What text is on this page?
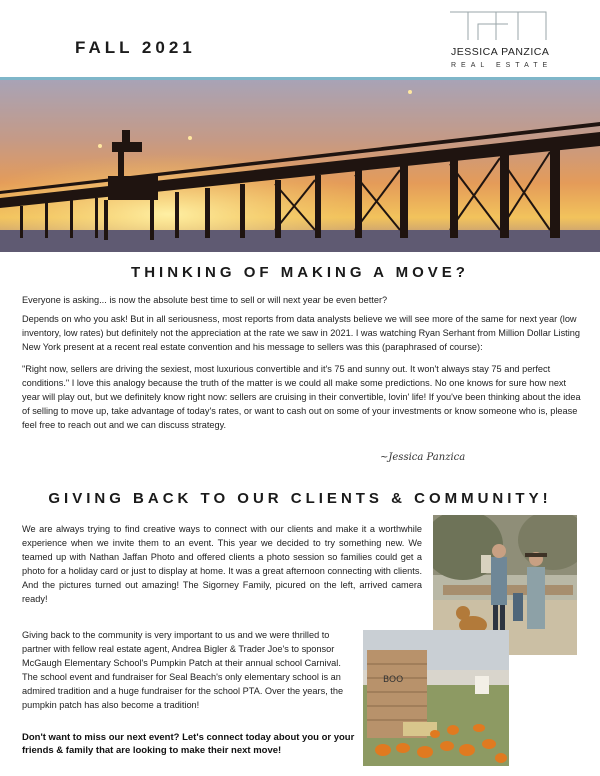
FALL 2021	JESSICA PANZICA
REAL ESTATE
THINKING OF MAKING A MOVE?

Everyone is asking... is now the absolute best time to sell or will next year be even better?

Depends on who you ask! But in all seriousness, most reports from data analysts believe we will see more of the same for next year (low inventory, low rates) but definitely not the appreciation at the rate we saw in 2021. I was watching Ryan Serhant from Million Dollar Listing New York present at a recent real estate convention and his message to sellers was this (paraphrased of course):

"Right now, sellers are driving the sexiest, most luxurious convertible and it's 75 and sunny out. It won't always stay 75 and perfect conditions." I love this analogy because the truth of the matter is we could all make some predictions. No one knows for sure how next year will play out, but we definitely know right now: sellers are cruising in their convertible, lovin' life! If you've been thinking about the idea of selling to move up, take advantage of today's rates, or want to cash out on some of your investments or know someone who is, please feel free to reach out and we can discuss strategy.

~Jessica Panzica
GIVING BACK TO OUR CLIENTS & COMMUNITY!

We are always trying to find creative ways to connect with our clients and make it a worthwhile experience when we invite them to an event. This year we decided to try something new. We teamed up with Nathan Jaffan Photo and offered clients a photo session so families could get a photo for a holiday card or just to display at home. It was a great afternoon connecting with clients. And the pictures turned out amazing! The Sigorney Family, picured on the left, arrived camera ready!

Giving back to the community is very important to us and we were thrilled to partner with fellow real estate agent, Andrea Bigler & Trader Joe's to sponsor McGaugh Elementary School's Pumpkin Patch at their annual school Carnival. The school event and fundraiser for Seal Beach's only elementary school is an admired tradition and a huge fundraiser for the school PTA. Over the years, the pumpkin patch has also become a tradition!

Don't want to miss our next event? Let's connect today about you or your friends & family that are looking to make their next move!
BOO
